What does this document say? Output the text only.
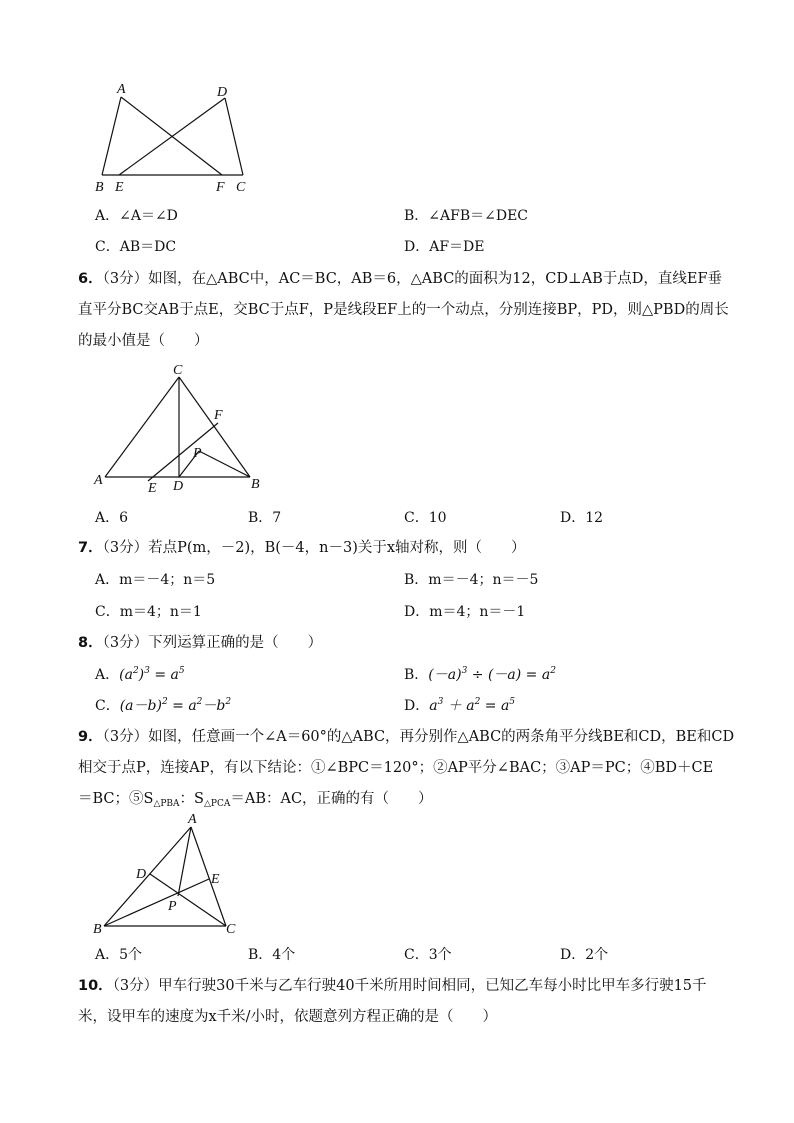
A	D
B E	F C
A．∠A＝∠D	B．∠AFB＝∠DEC
C．AB＝DC	D．AF＝DE
6．（3分）如图，在△ABC中，AC＝BC，AB＝6，△ABC的面积为12，CD⊥AB于点D，直线EF垂
直平分BC交AB于点E，交BC于点F，P是线段EF上的一个动点，分别连接BP，PD，则△PBD的周长
的最小值是（　　）
C
F
P
A
E D	B
A．6	B．7	C．10	D．12
7．（3分）若点P(m，－2)，B(－4，n－3)关于x轴对称，则（　　）
A．m＝－4；n＝5	B．m＝－4；n＝－5
C．m＝4；n＝1	D．m＝4；n＝－1
8．（3分）下列运算正确的是（　　）
A．$(a^2)^3 = a^5$	B．$(-a)^3 \div (-a) = a^2$
C．$(a-b)^2 = a^2-b^2$	D．$a^3 + a^2 = a^5$
9．（3分）如图，任意画一个∠A＝60°的△ABC，再分别作△ABC的两条角平分线BE和CD，BE和CD
相交于点P，连接AP，有以下结论：①∠BPC＝120°；②AP平分∠BAC；③AP＝PC；④BD＋CE
＝BC；$⑤S_{\triangle PBA}$：$S_{\triangle PCA}=AB$：AC，正确的有（　　）
A
D	E
P
B	C
A．5个	B．4个	C．3个	D．2个
10．（3分）甲车行驶30千米与乙车行驶40千米所用时间相同，已知乙车每小时比甲车多行驶15千
米，设甲车的速度为x千米/小时，依题意列方程正确的是（　　）
